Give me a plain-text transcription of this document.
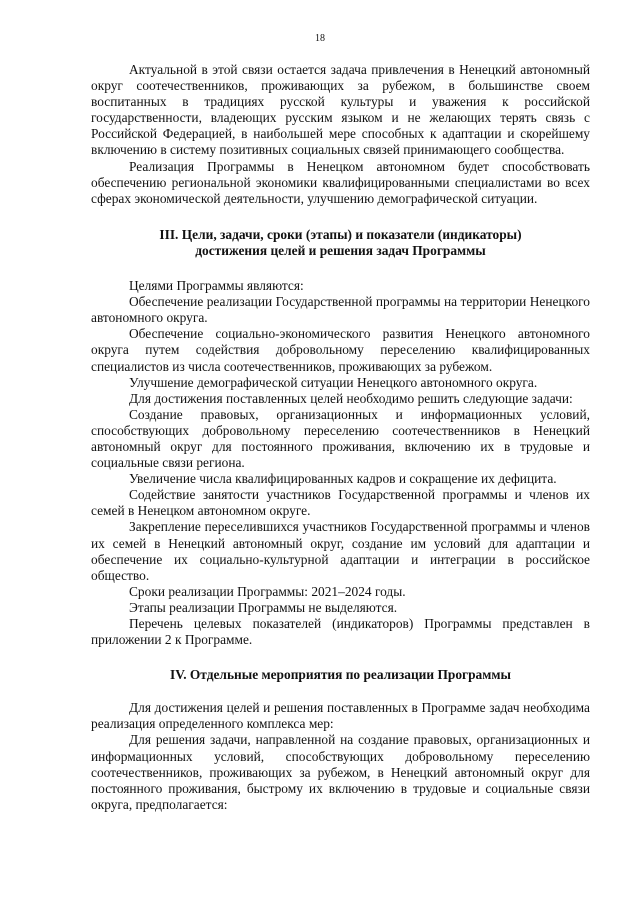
18

Актуальной в этой связи остается задача привлечения в Ненецкий автономный округ соотечественников, проживающих за рубежом, в большинстве своем воспитанных в традициях русской культуры и уважения к российской государственности, владеющих русским языком и не желающих терять связь с Российской Федерацией, в наибольшей мере способных к адаптации и скорейшему включению в систему позитивных социальных связей принимающего сообщества.

Реализация Программы в Ненецком автономном будет способствовать обеспечению региональной экономики квалифицированными специалистами во всех сферах экономической деятельности, улучшению демографической ситуации.

III. Цели, задачи, сроки (этапы) и показатели (индикаторы)
достижения целей и решения задач Программы

Целями Программы являются:

Обеспечение реализации Государственной программы на территории Ненецкого автономного округа.

Обеспечение социально-экономического развития Ненецкого автономного округа путем содействия добровольному переселению квалифицированных специалистов из числа соотечественников, проживающих за рубежом.

Улучшение демографической ситуации Ненецкого автономного округа.

Для достижения поставленных целей необходимо решить следующие задачи:

Создание правовых, организационных и информационных условий, способствующих добровольному переселению соотечественников в Ненецкий автономный округ для постоянного проживания, включению их в трудовые и социальные связи региона.

Увеличение числа квалифицированных кадров и сокращение их дефицита.

Содействие занятости участников Государственной программы и членов их семей в Ненецком автономном округе.

Закрепление переселившихся участников Государственной программы и членов их семей в Ненецкий автономный округ, создание им условий для адаптации и обеспечение их социально-культурной адаптации и интеграции в российское общество.

Сроки реализации Программы: 2021–2024 годы.

Этапы реализации Программы не выделяются.

Перечень целевых показателей (индикаторов) Программы представлен в приложении 2 к Программе.

IV. Отдельные мероприятия по реализации Программы

Для достижения целей и решения поставленных в Программе задач необходима реализация определенного комплекса мер:

Для решения задачи, направленной на создание правовых, организационных и информационных условий, способствующих добровольному переселению соотечественников, проживающих за рубежом, в Ненецкий автономный округ для постоянного проживания, быстрому их включению в трудовые и социальные связи округа, предполагается:
